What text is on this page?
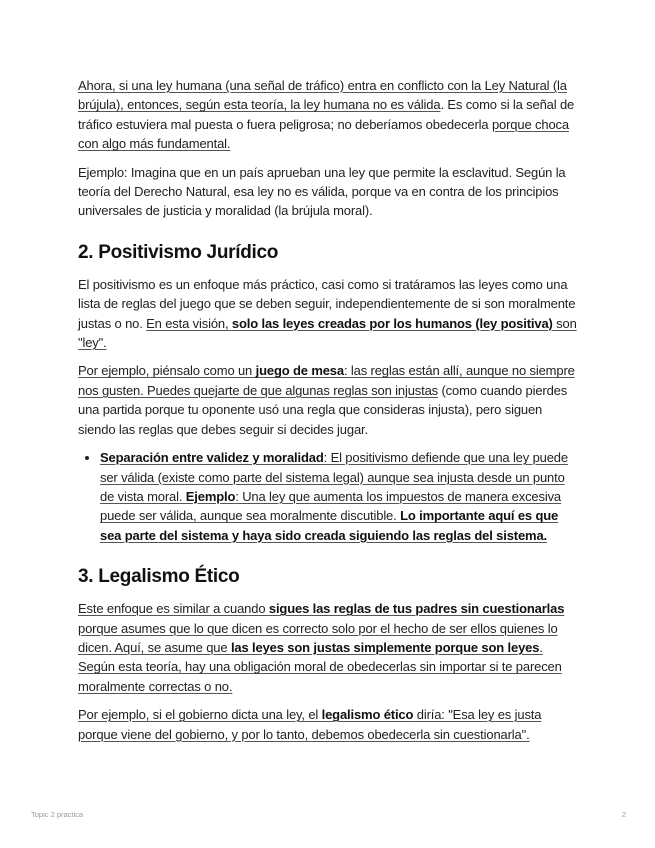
Ahora, si una ley humana (una señal de tráfico) entra en conflicto con la Ley Natural (la brújula), entonces, según esta teoría, la ley humana no es válida. Es como si la señal de tráfico estuviera mal puesta o fuera peligrosa; no deberíamos obedecerla porque choca con algo más fundamental.

Ejemplo: Imagina que en un país aprueban una ley que permite la esclavitud. Según la teoría del Derecho Natural, esa ley no es válida, porque va en contra de los principios universales de justicia y moralidad (la brújula moral).

2. Positivismo Jurídico

El positivismo es un enfoque más práctico, casi como si tratáramos las leyes como una lista de reglas del juego que se deben seguir, independientemente de si son moralmente justas o no. En esta visión, solo las leyes creadas por los humanos (ley positiva) son "ley".

Por ejemplo, piénsalo como un juego de mesa: las reglas están allí, aunque no siempre nos gusten. Puedes quejarte de que algunas reglas son injustas (como cuando pierdes una partida porque tu oponente usó una regla que consideras injusta), pero siguen siendo las reglas que debes seguir si decides jugar.

• Separación entre validez y moralidad: El positivismo defiende que una ley puede ser válida (existe como parte del sistema legal) aunque sea injusta desde un punto de vista moral. Ejemplo: Una ley que aumenta los impuestos de manera excesiva puede ser válida, aunque sea moralmente discutible. Lo importante aquí es que sea parte del sistema y haya sido creada siguiendo las reglas del sistema.
3. Legalismo Ético

Este enfoque es similar a cuando sigues las reglas de tus padres sin cuestionarlas porque asumes que lo que dicen es correcto solo por el hecho de ser ellos quienes lo dicen. Aquí, se asume que las leyes son justas simplemente porque son leyes. Según esta teoría, hay una obligación moral de obedecerlas sin importar si te parecen moralmente correctas o no.

Por ejemplo, si el gobierno dicta una ley, el legalismo ético diría: "Esa ley es justa porque viene del gobierno, y por lo tanto, debemos obedecerla sin cuestionarla".

Topic 2 practica	2
